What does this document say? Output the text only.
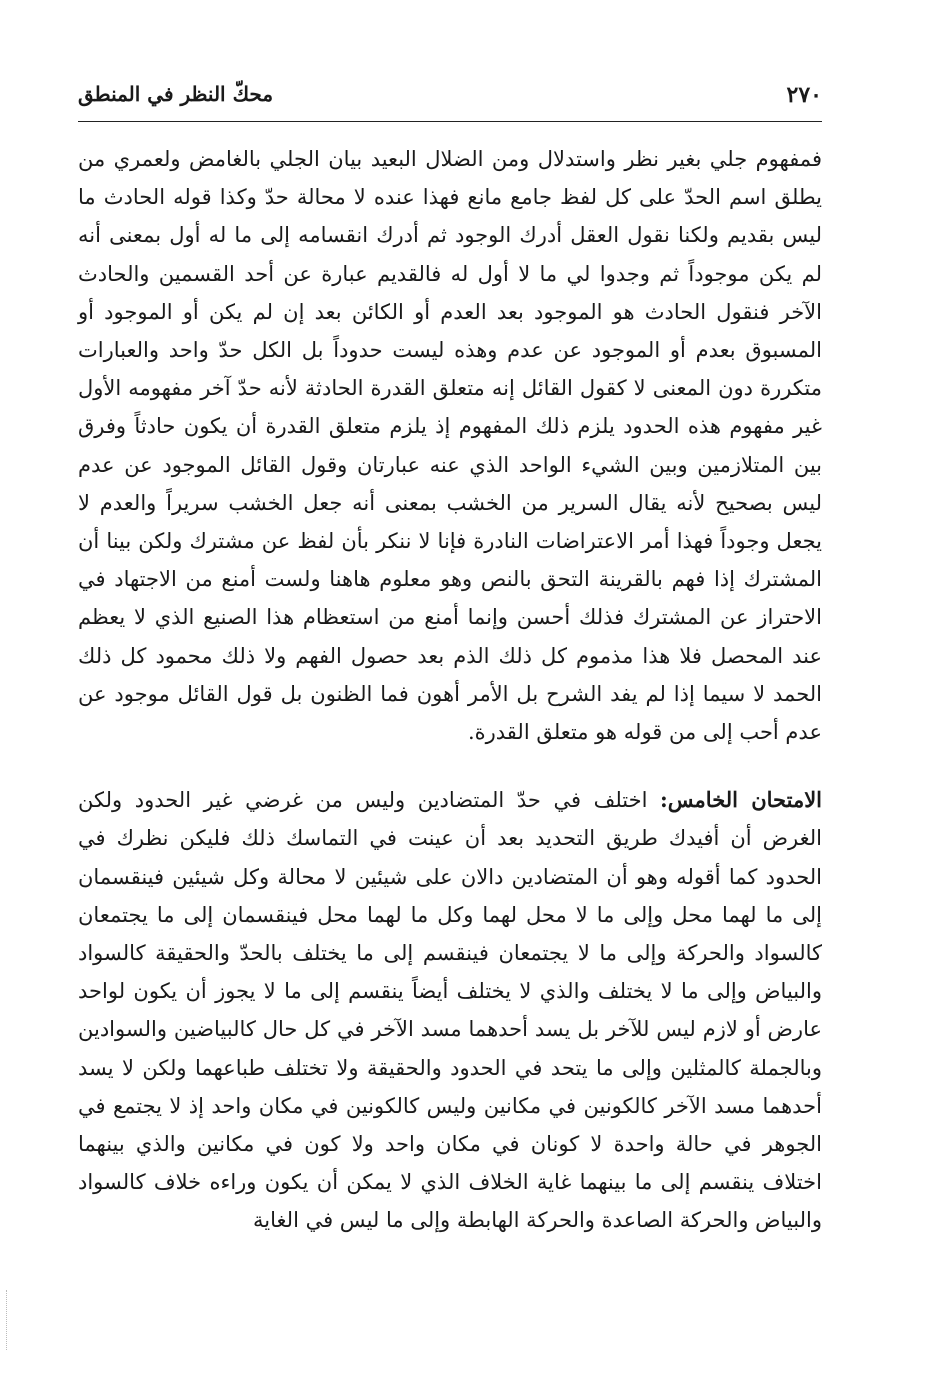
٢٧٠
محكّ النظر في المنطق

فمفهوم جلي بغير نظر واستدلال ومن الضلال البعيد بيان الجلي بالغامض ولعمري من يطلق اسم الحدّ على كل لفظ جامع مانع فهذا عنده لا محالة حدّ وكذا قوله الحادث ما ليس بقديم ولكنا نقول العقل أدرك الوجود ثم أدرك انقسامه إلى ما له أول بمعنى أنه لم يكن موجوداً ثم وجدوا لي ما لا أول له فالقديم عبارة عن أحد القسمين والحادث الآخر فنقول الحادث هو الموجود بعد العدم أو الكائن بعد إن لم يكن أو الموجود أو المسبوق بعدم أو الموجود عن عدم وهذه ليست حدوداً بل الكل حدّ واحد والعبارات متكررة دون المعنى لا كقول القائل إنه متعلق القدرة الحادثة لأنه حدّ آخر مفهومه الأول غير مفهوم هذه الحدود يلزم ذلك المفهوم إذ يلزم متعلق القدرة أن يكون حادثاً وفرق بين المتلازمين وبين الشيء الواحد الذي عنه عبارتان وقول القائل الموجود عن عدم ليس بصحيح لأنه يقال السرير من الخشب بمعنى أنه جعل الخشب سريراً والعدم لا يجعل وجوداً فهذا أمر الاعتراضات النادرة فإنا لا ننكر بأن لفظ عن مشترك ولكن بينا أن المشترك إذا فهم بالقرينة التحق بالنص وهو معلوم هاهنا ولست أمنع من الاجتهاد في الاحتراز عن المشترك فذلك أحسن وإنما أمنع من استعظام هذا الصنيع الذي لا يعظم عند المحصل فلا هذا مذموم كل ذلك الذم بعد حصول الفهم ولا ذلك محمود كل ذلك الحمد لا سيما إذا لم يفد الشرح بل الأمر أهون فما الظنون بل قول القائل موجود عن عدم أحب إلى من قوله هو متعلق القدرة.

الامتحان الخامس: اختلف في حدّ المتضادين وليس من غرضي غير الحدود ولكن الغرض أن أفيدك طريق التحديد بعد أن عينت في التماسك ذلك فليكن نظرك في الحدود كما أقوله وهو أن المتضادين دالان على شيئين لا محالة وكل شيئين فينقسمان إلى ما لهما محل وإلى ما لا محل لهما وكل ما لهما محل فينقسمان إلى ما يجتمعان كالسواد والحركة وإلى ما لا يجتمعان فينقسم إلى ما يختلف بالحدّ والحقيقة كالسواد والبياض وإلى ما لا يختلف والذي لا يختلف أيضاً ينقسم إلى ما لا يجوز أن يكون لواحد عارض أو لازم ليس للآخر بل يسد أحدهما مسد الآخر في كل حال كالبياضين والسوادين وبالجملة كالمثلين وإلى ما يتحد في الحدود والحقيقة ولا تختلف طباعهما ولكن لا يسد أحدهما مسد الآخر كالكونين في مكانين وليس كالكونين في مكان واحد إذ لا يجتمع في الجوهر في حالة واحدة لا كونان في مكان واحد ولا كون في مكانين والذي بينهما اختلاف ينقسم إلى ما بينهما غاية الخلاف الذي لا يمكن أن يكون وراءه خلاف كالسواد والبياض والحركة الصاعدة والحركة الهابطة وإلى ما ليس في الغاية
